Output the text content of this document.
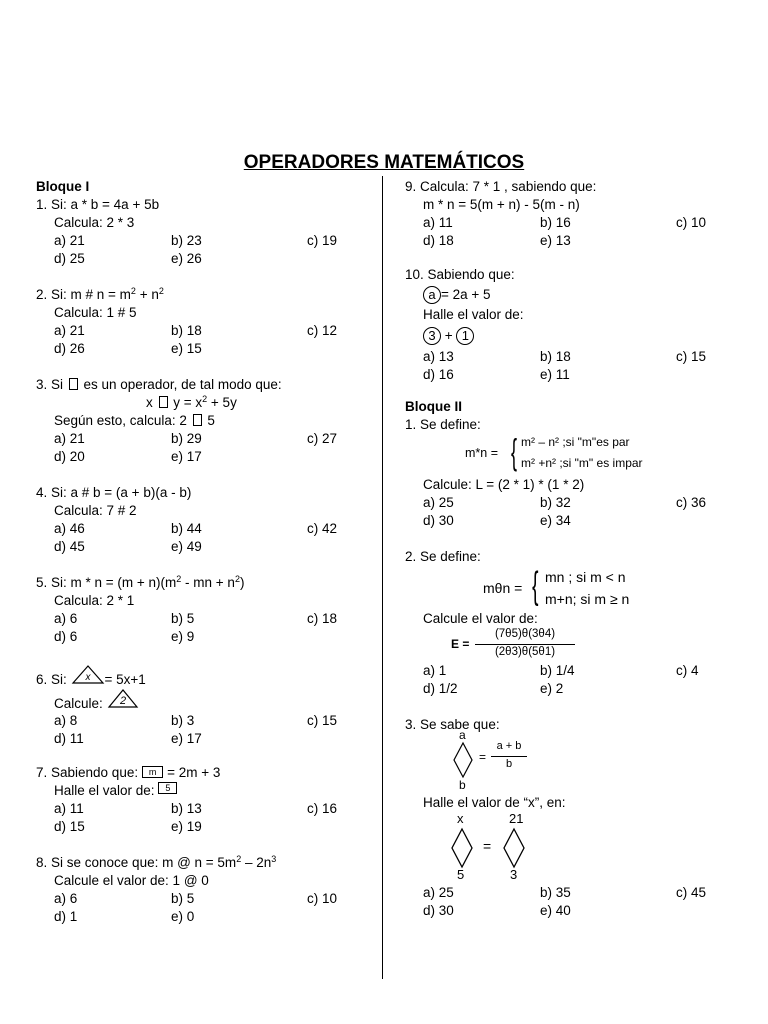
OPERADORES MATEMÁTICOS
Bloque I
1. Si: a * b = 4a + 5b
Calcula: 2 * 3
a) 21	b) 23	c) 19
d) 25	e) 26
2. Si: m # $n = m^2 + n^2$
Calcula: 1 # 5
a) 21	b) 18	c) 12
d) 26	e) 15
3. Si  es un operador, de tal modo que:
x  $y = x^2 + 5y$
Según esto, calcula: 2  5
a) 21	b) 29	c) 27
d) 20	e) 17
4. Si: a # b = (a + b)(a - b)
Calcula: 7 # 2
a) 46	b) 44	c) 42
d) 45	e) 49
5. Si: $m * n = (m + n)(m^2$ - mn + $n^2$)
Calcula: 2 * 1
a) 6	b) 5	c) 18
d) 6	e) 9
6. Si: x = 5x+1
Calcule: 2
a) 8	b) 3	c) 15
d) 11	e) 17
7. Sabiendo que: m = 2m + 3
Halle el valor de: 5
a) 11	b) 13	c) 16
d) 15	e) 19
8. Si se conoce que: m @ $n = 5m^2 - 2n^3$
Calcule el valor de: 1 @ 0
a) 6	b) 5	c) 10
d) 1	e) 0
9. Calcula: 7 * 1 , sabiendo que:
m * n = 5(m + n) - 5(m - n)
a) 11	b) 16	c) 10
d) 18	e) 13
10. Sabiendo que:
a = 2a + 5
Halle el valor de:
3 + 1
a) 13	b) 18	c) 15
d) 16	e) 11
Bloque II
1. Se define:
m*n = { m² – n² ;si "m"es par
m² +n² ;si "m" es impar
Calcule: L = (2 * 1) * (1 * 2)
a) 25	b) 32	c) 36
d) 30	e) 34
2. Se define:
mθn = { mn ; si m < n
m+n; si m ≥ n
Calcule el valor de:
E =
(7θ5)θ(3θ4)
(2θ3)θ(5θ1)
a) 1	b) 1/4	c) 4
d) 1/2	e) 2
3. Se sabe que:
a
b
=
a + b
b
Halle el valor de “x”, en:
x
5
=
21
3
a) 25	b) 35	c) 45
d) 30	e) 40
